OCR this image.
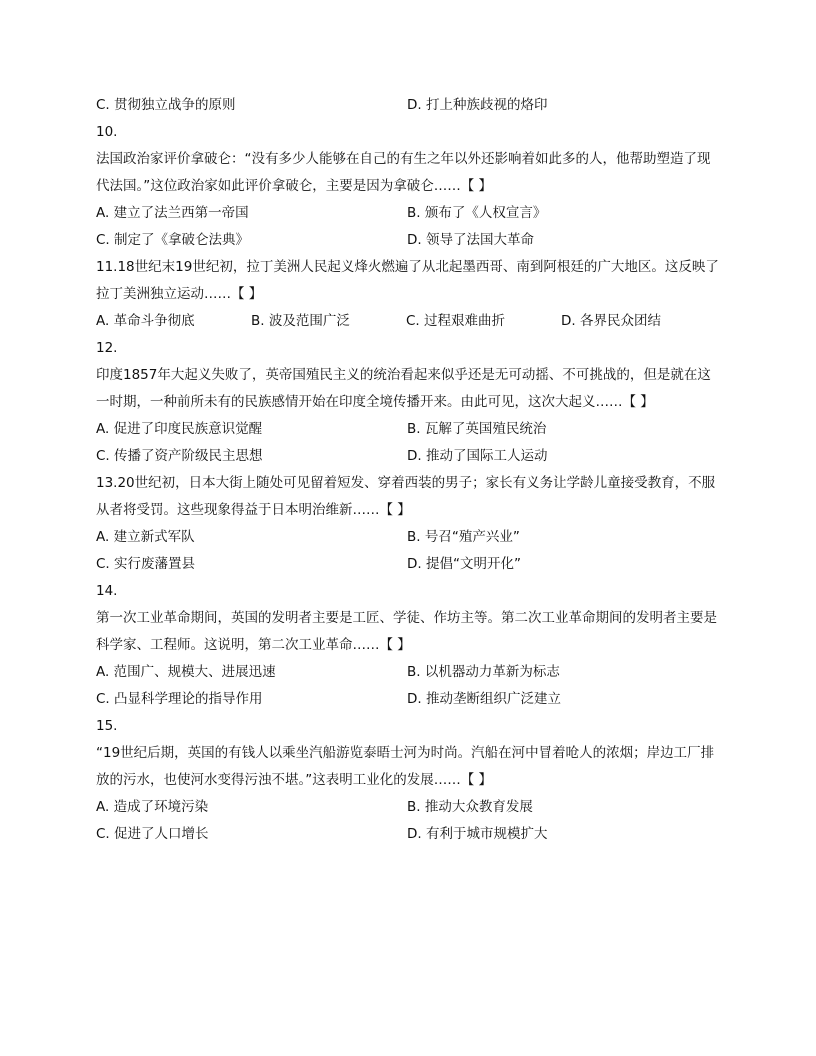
C. 贯彻独立战争的原则	D. 打上种族歧视的烙印
10.
法国政治家评价拿破仑：“没有多少人能够在自己的有生之年以外还影响着如此多的人，他帮助塑造了现代法国。”这位政治家如此评价拿破仑，主要是因为拿破仑……【 】
A. 建立了法兰西第一帝国	B. 颁布了《人权宣言》
C. 制定了《拿破仑法典》	D. 领导了法国大革命
11.18世纪末19世纪初，拉丁美洲人民起义烽火燃遍了从北起墨西哥、南到阿根廷的广大地区。这反映了拉丁美洲独立运动……【 】
A. 革命斗争彻底	B. 波及范围广泛	C. 过程艰难曲折	D. 各界民众团结
12.
印度1857年大起义失败了，英帝国殖民主义的统治看起来似乎还是无可动摇、不可挑战的，但是就在这一时期，一种前所未有的民族感情开始在印度全境传播开来。由此可见，这次大起义……【 】
A. 促进了印度民族意识觉醒	B. 瓦解了英国殖民统治
C. 传播了资产阶级民主思想	D. 推动了国际工人运动
13.20世纪初，日本大街上随处可见留着短发、穿着西装的男子；家长有义务让学龄儿童接受教育，不服从者将受罚。这些现象得益于日本明治维新……【 】
A. 建立新式军队	B. 号召“殖产兴业”
C. 实行废藩置县	D. 提倡“文明开化”
14.
第一次工业革命期间，英国的发明者主要是工匠、学徒、作坊主等。第二次工业革命期间的发明者主要是科学家、工程师。这说明，第二次工业革命……【 】
A. 范围广、规模大、进展迅速	B. 以机器动力革新为标志
C. 凸显科学理论的指导作用	D. 推动垄断组织广泛建立
15.
“19世纪后期，英国的有钱人以乘坐汽船游览泰晤士河为时尚。汽船在河中冒着呛人的浓烟；岸边工厂排放的污水，也使河水变得污浊不堪。”这表明工业化的发展……【 】
A. 造成了环境污染	B. 推动大众教育发展
C. 促进了人口增长	D. 有利于城市规模扩大
